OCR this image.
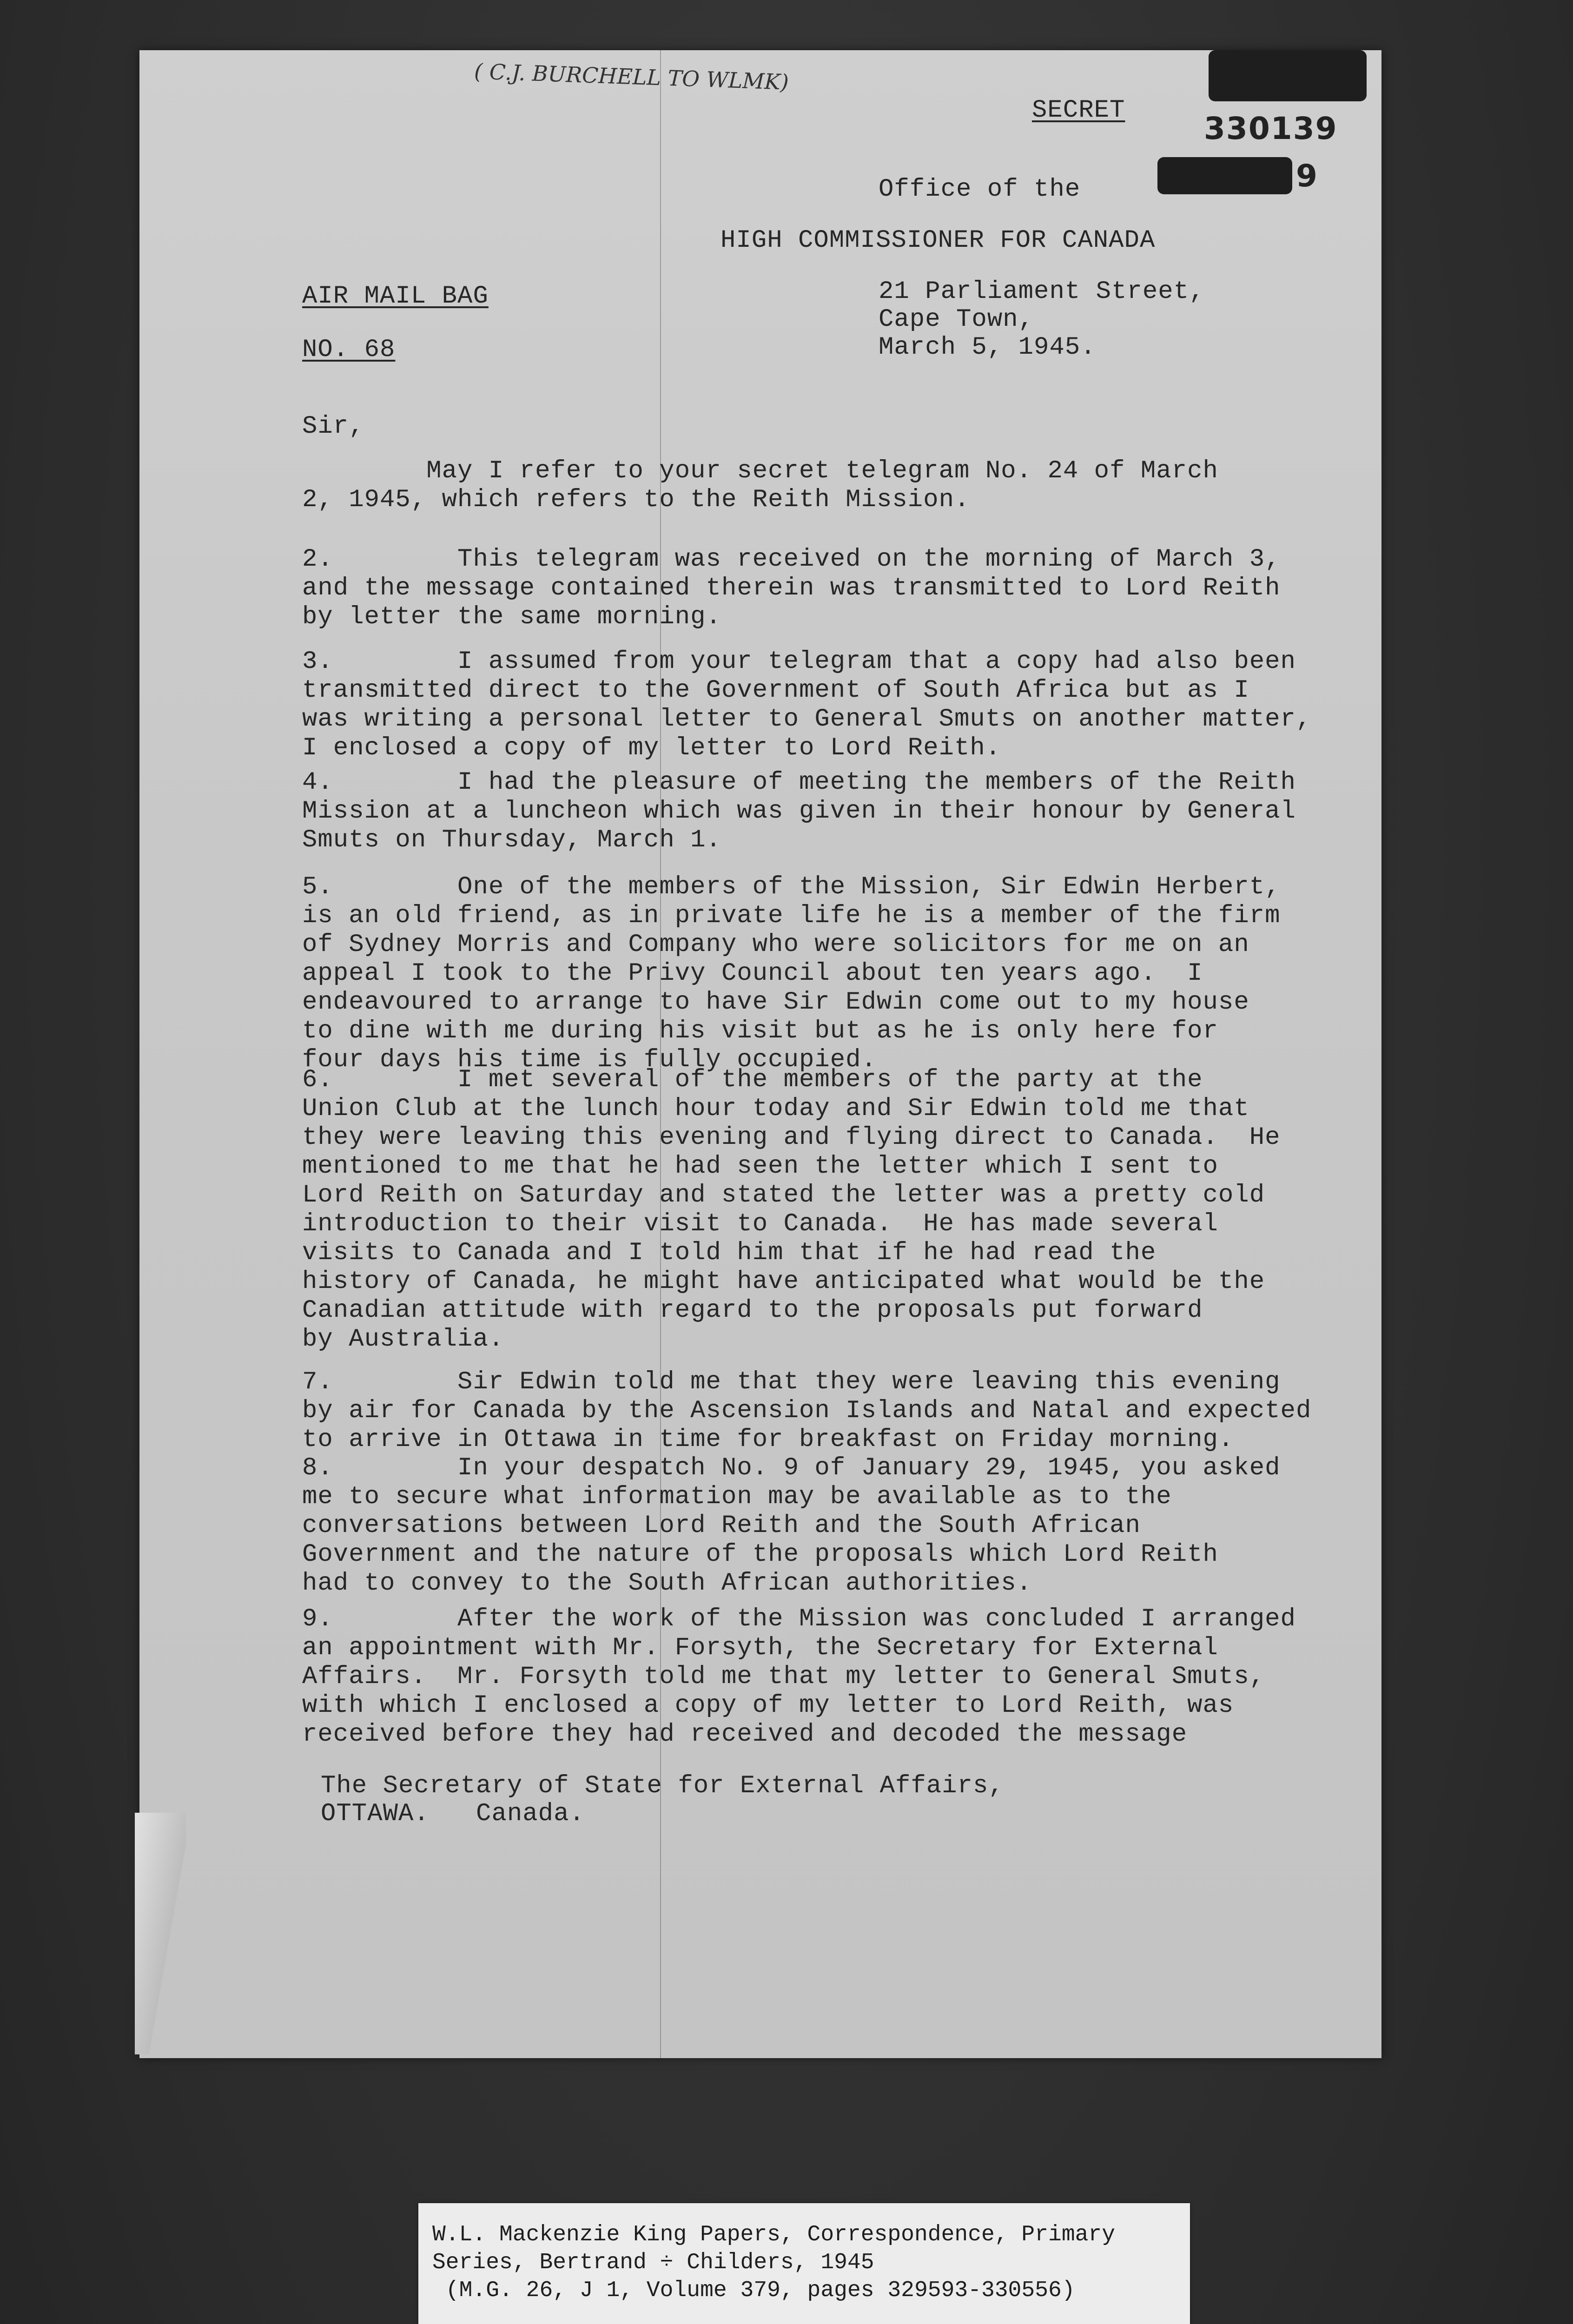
( C.J. BURCHELL TO WLMK)
SECRET
330139
9
Office of the
HIGH COMMISSIONER FOR CANADA
AIR MAIL BAG
NO. 68
21 Parliament Street,
Cape Town,
March 5, 1945.
Sir,
May I refer to your secret telegram No. 24 of March
2, 1945, which refers to the Reith Mission.
2.        This telegram was received on the morning of March 3,
and the message contained therein was transmitted to Lord Reith
by letter the same morning.
3.        I assumed from your telegram that a copy had also been
transmitted direct to the Government of South Africa but as I
was writing a personal letter to General Smuts on another matter,
I enclosed a copy of my letter to Lord Reith.
4.        I had the pleasure of meeting the members of the Reith
Mission at a luncheon which was given in their honour by General
Smuts on Thursday, March 1.
5.        One of the members of the Mission, Sir Edwin Herbert,
is an old friend, as in private life he is a member of the firm
of Sydney Morris and Company who were solicitors for me on an
appeal I took to the Privy Council about ten years ago.  I
endeavoured to arrange to have Sir Edwin come out to my house
to dine with me during his visit but as he is only here for
four days his time is fully occupied.
6.        I met several of the members of the party at the
Union Club at the lunch hour today and Sir Edwin told me that
they were leaving this evening and flying direct to Canada.  He
mentioned to me that he had seen the letter which I sent to
Lord Reith on Saturday and stated the letter was a pretty cold
introduction to their visit to Canada.  He has made several
visits to Canada and I told him that if he had read the
history of Canada, he might have anticipated what would be the
Canadian attitude with regard to the proposals put forward
by Australia.
7.        Sir Edwin told me that they were leaving this evening
by air for Canada by the Ascension Islands and Natal and expected
to arrive in Ottawa in time for breakfast on Friday morning.
8.        In your despatch No. 9 of January 29, 1945, you asked
me to secure what information may be available as to the
conversations between Lord Reith and the South African
Government and the nature of the proposals which Lord Reith
had to convey to the South African authorities.
9.        After the work of the Mission was concluded I arranged
an appointment with Mr. Forsyth, the Secretary for External
Affairs.  Mr. Forsyth told me that my letter to General Smuts,
with which I enclosed a copy of my letter to Lord Reith, was
received before they had received and decoded the message
The Secretary of State for External Affairs,
OTTAWA.   Canada.
W.L. Mackenzie King Papers, Correspondence, Primary
Series, Bertrand ÷ Childers, 1945
(M.G. 26, J 1, Volume 379, pages 329593-330556)
